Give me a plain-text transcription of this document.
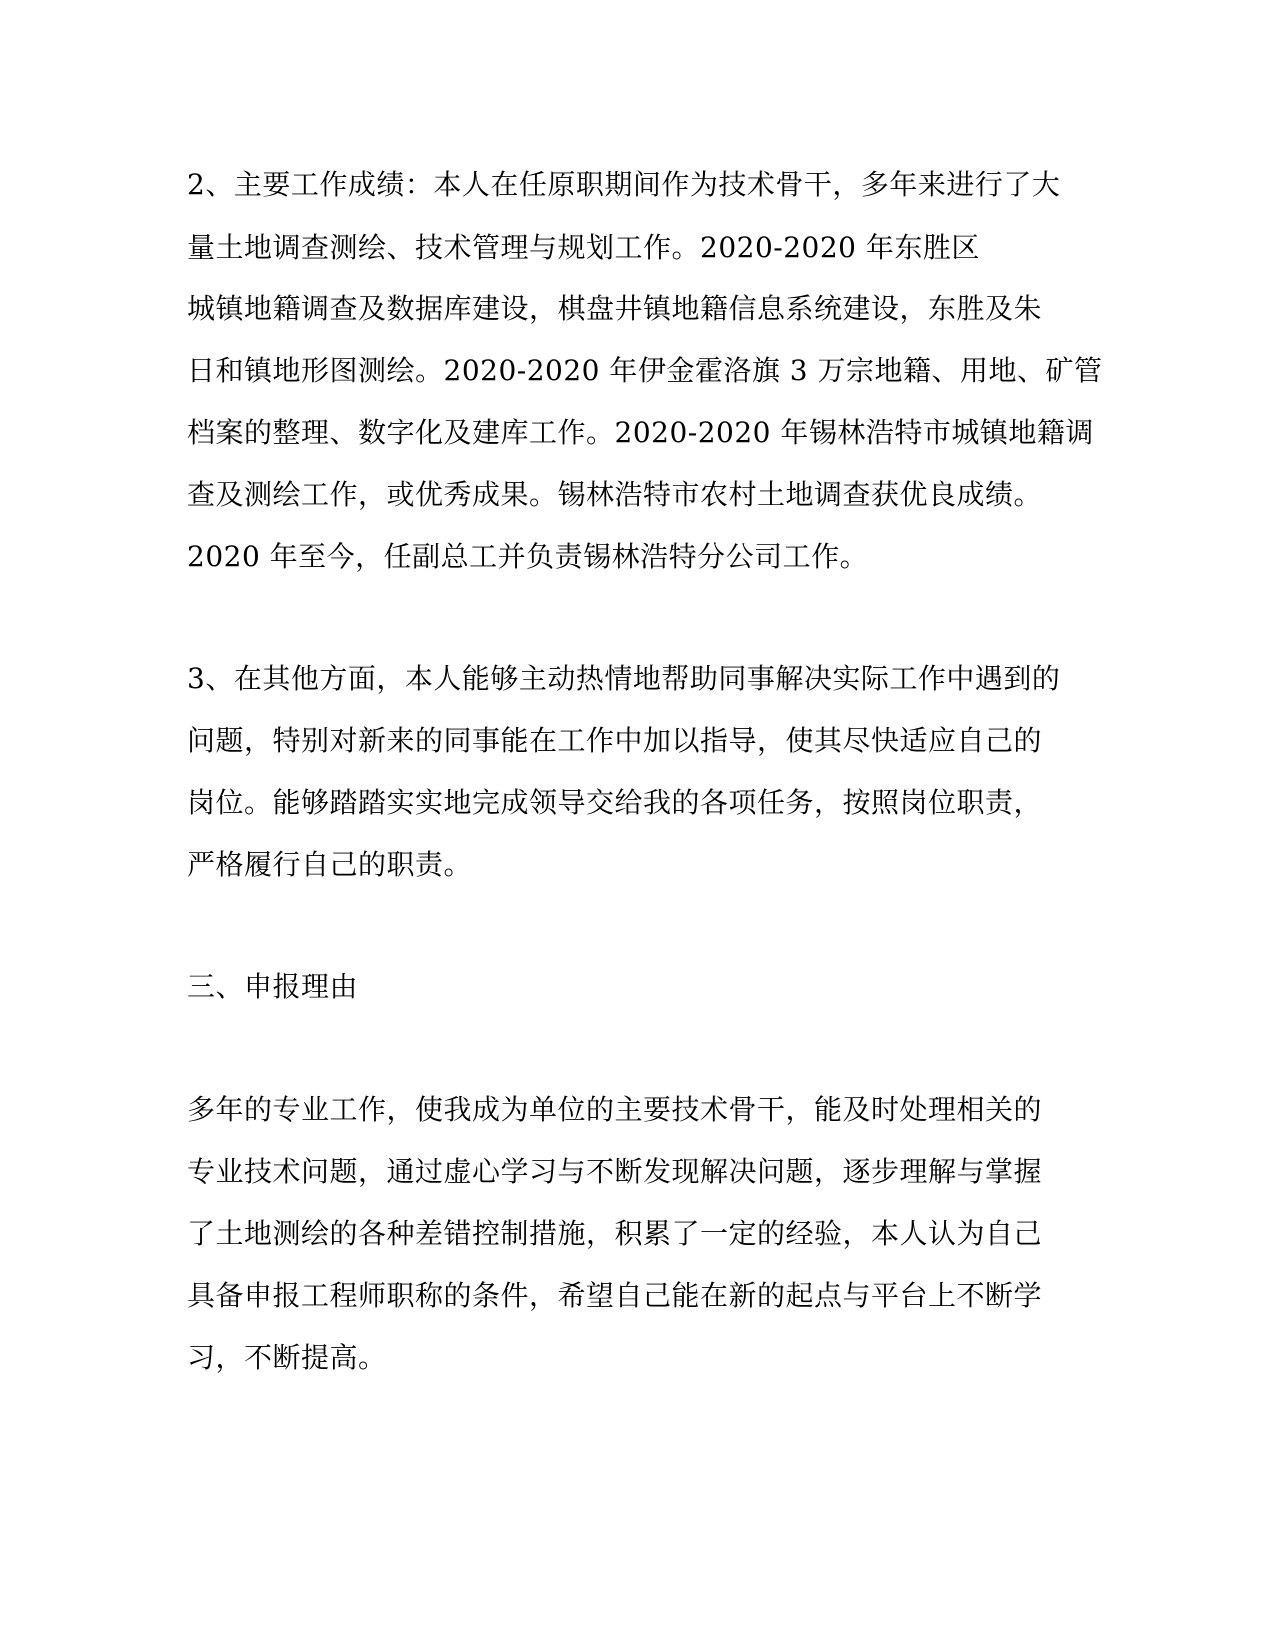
2、主要工作成绩：本人在任原职期间作为技术骨干，多年来进行了大
量土地调查测绘、技术管理与规划工作。2020-2020 年东胜区
城镇地籍调查及数据库建设，棋盘井镇地籍信息系统建设，东胜及朱
日和镇地形图测绘。2020-2020 年伊金霍洛旗 3 万宗地籍、用地、矿管
档案的整理、数字化及建库工作。2020-2020 年锡林浩特市城镇地籍调
查及测绘工作，或优秀成果。锡林浩特市农村土地调查获优良成绩。
2020 年至今，任副总工并负责锡林浩特分公司工作。
3、在其他方面，本人能够主动热情地帮助同事解决实际工作中遇到的
问题，特别对新来的同事能在工作中加以指导，使其尽快适应自己的
岗位。能够踏踏实实地完成领导交给我的各项任务，按照岗位职责，
严格履行自己的职责。
三、申报理由
多年的专业工作，使我成为单位的主要技术骨干，能及时处理相关的
专业技术问题，通过虚心学习与不断发现解决问题，逐步理解与掌握
了土地测绘的各种差错控制措施，积累了一定的经验，本人认为自己
具备申报工程师职称的条件，希望自己能在新的起点与平台上不断学
习，不断提高。
